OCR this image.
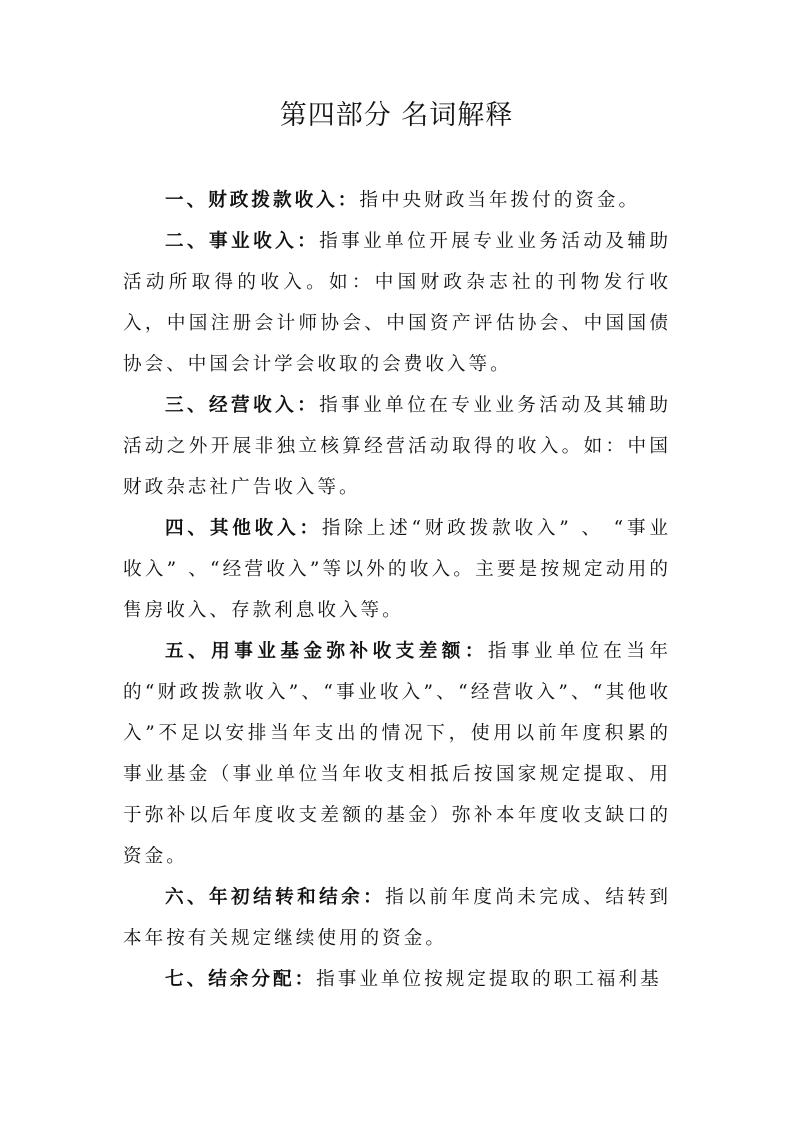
第四部分 名词解释

一、财政拨款收入：指中央财政当年拨付的资金。

二、事业收入：指事业单位开展专业业务活动及辅助活动所取得的收入。如：中国财政杂志社的刊物发行收入，中国注册会计师协会、中国资产评估协会、中国国债协会、中国会计学会收取的会费收入等。

三、经营收入：指事业单位在专业业务活动及其辅助活动之外开展非独立核算经营活动取得的收入。如：中国财政杂志社广告收入等。

四、其他收入：指除上述“财政拨款收入” 、 “事业收入” 、“经营收入”等以外的收入。主要是按规定动用的售房收入、存款利息收入等。

五、用事业基金弥补收支差额：指事业单位在当年的“财政拨款收入”、“事业收入”、“经营收入”、“其他收入”不足以安排当年支出的情况下，使用以前年度积累的事业基金（事业单位当年收支相抵后按国家规定提取、用于弥补以后年度收支差额的基金）弥补本年度收支缺口的资金。

六、年初结转和结余：指以前年度尚未完成、结转到本年按有关规定继续使用的资金。

七、结余分配：指事业单位按规定提取的职工福利基
